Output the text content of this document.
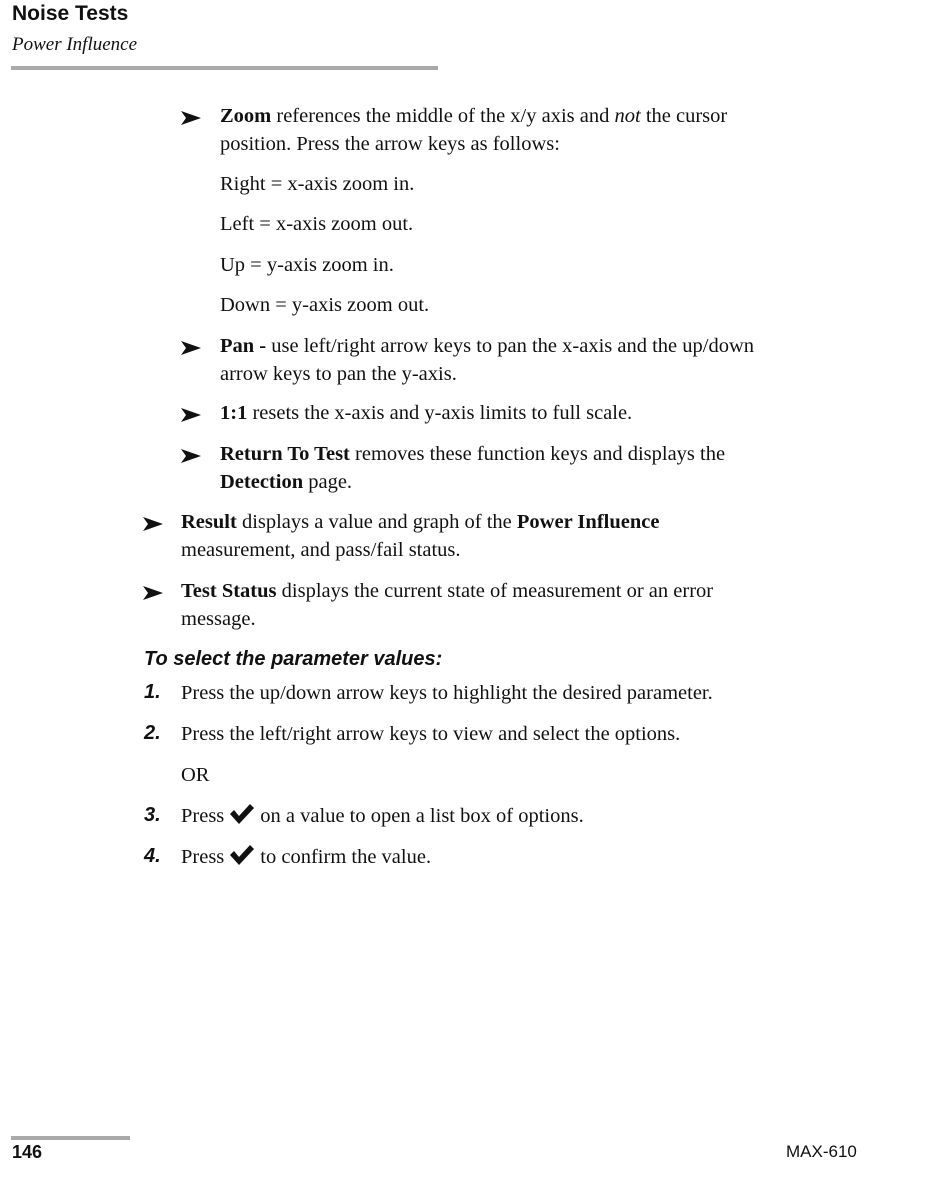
Noise Tests
Power Influence
Zoom references the middle of the x/y axis and not the cursor
position. Press the arrow keys as follows:
Right = x-axis zoom in.
Left = x-axis zoom out.
Up = y-axis zoom in.
Down = y-axis zoom out.
Pan - use left/right arrow keys to pan the x-axis and the up/down
arrow keys to pan the y-axis.
1:1 resets the x-axis and y-axis limits to full scale.
Return To Test removes these function keys and displays the
Detection page.
Result displays a value and graph of the Power Influence
measurement, and pass/fail status.
Test Status displays the current state of measurement or an error
message.
To select the parameter values:
1. Press the up/down arrow keys to highlight the desired parameter.
2. Press the left/right arrow keys to view and select the options.
OR
3. Press on a value to open a list box of options.
4. Press to confirm the value.
146	MAX-610
